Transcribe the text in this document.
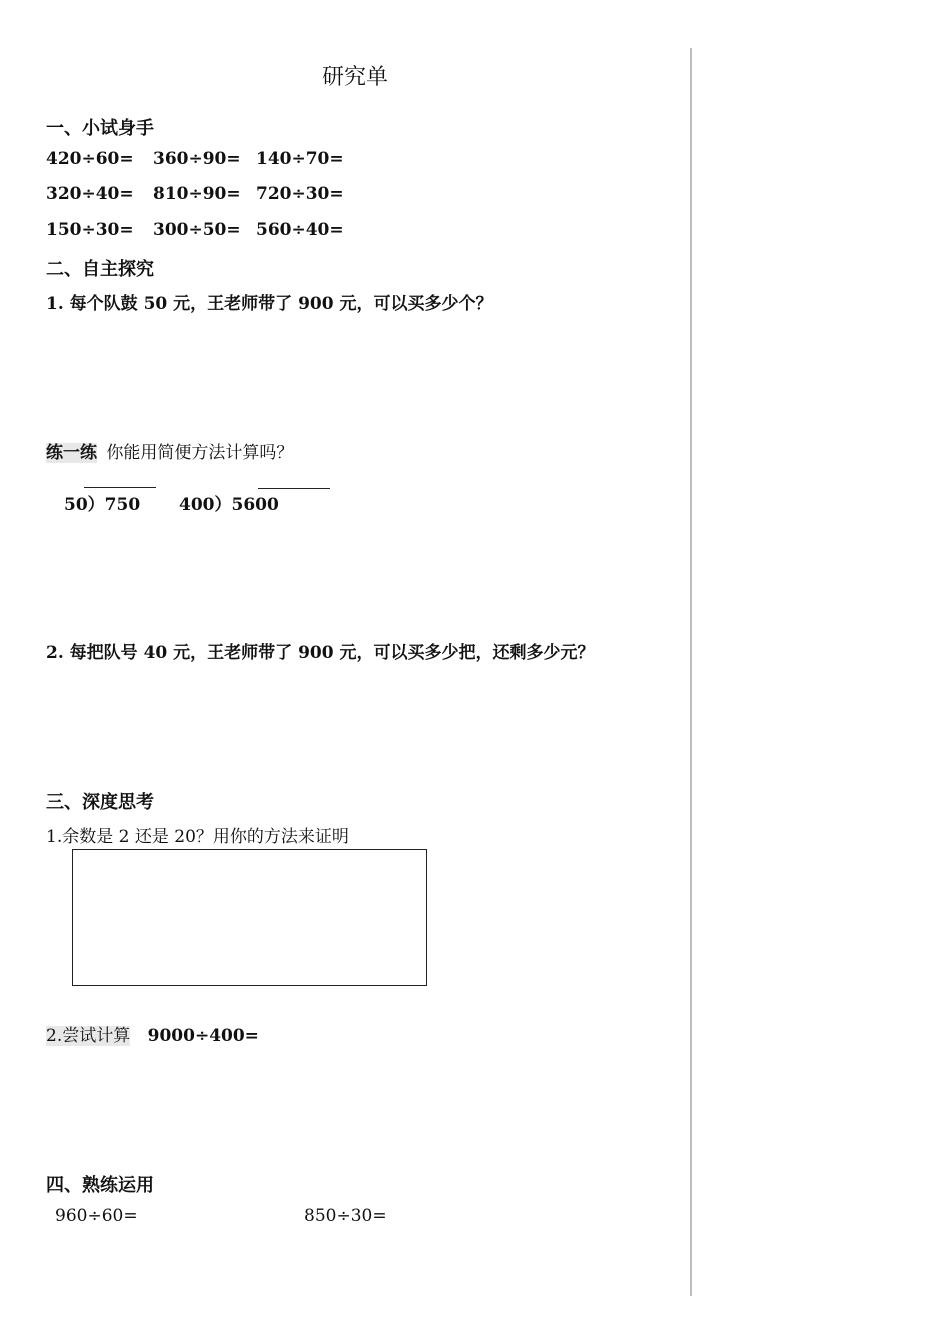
研究单
一、小试身手
420÷60= 360÷90= 140÷70=
320÷40= 810÷90= 720÷30=
150÷30= 300÷50= 560÷40=
二、自主探究
1. 每个队鼓 50 元，王老师带了 900 元，可以买多少个？
练一练 你能用简便方法计算吗？
50）750 400）5600
2. 每把队号 40 元，王老师带了 900 元，可以买多少把，还剩多少元？
三、深度思考
1.余数是 2 还是 20？用你的方法来证明
2.尝试计算 9000÷400=
四、熟练运用
960÷60=	850÷30=
